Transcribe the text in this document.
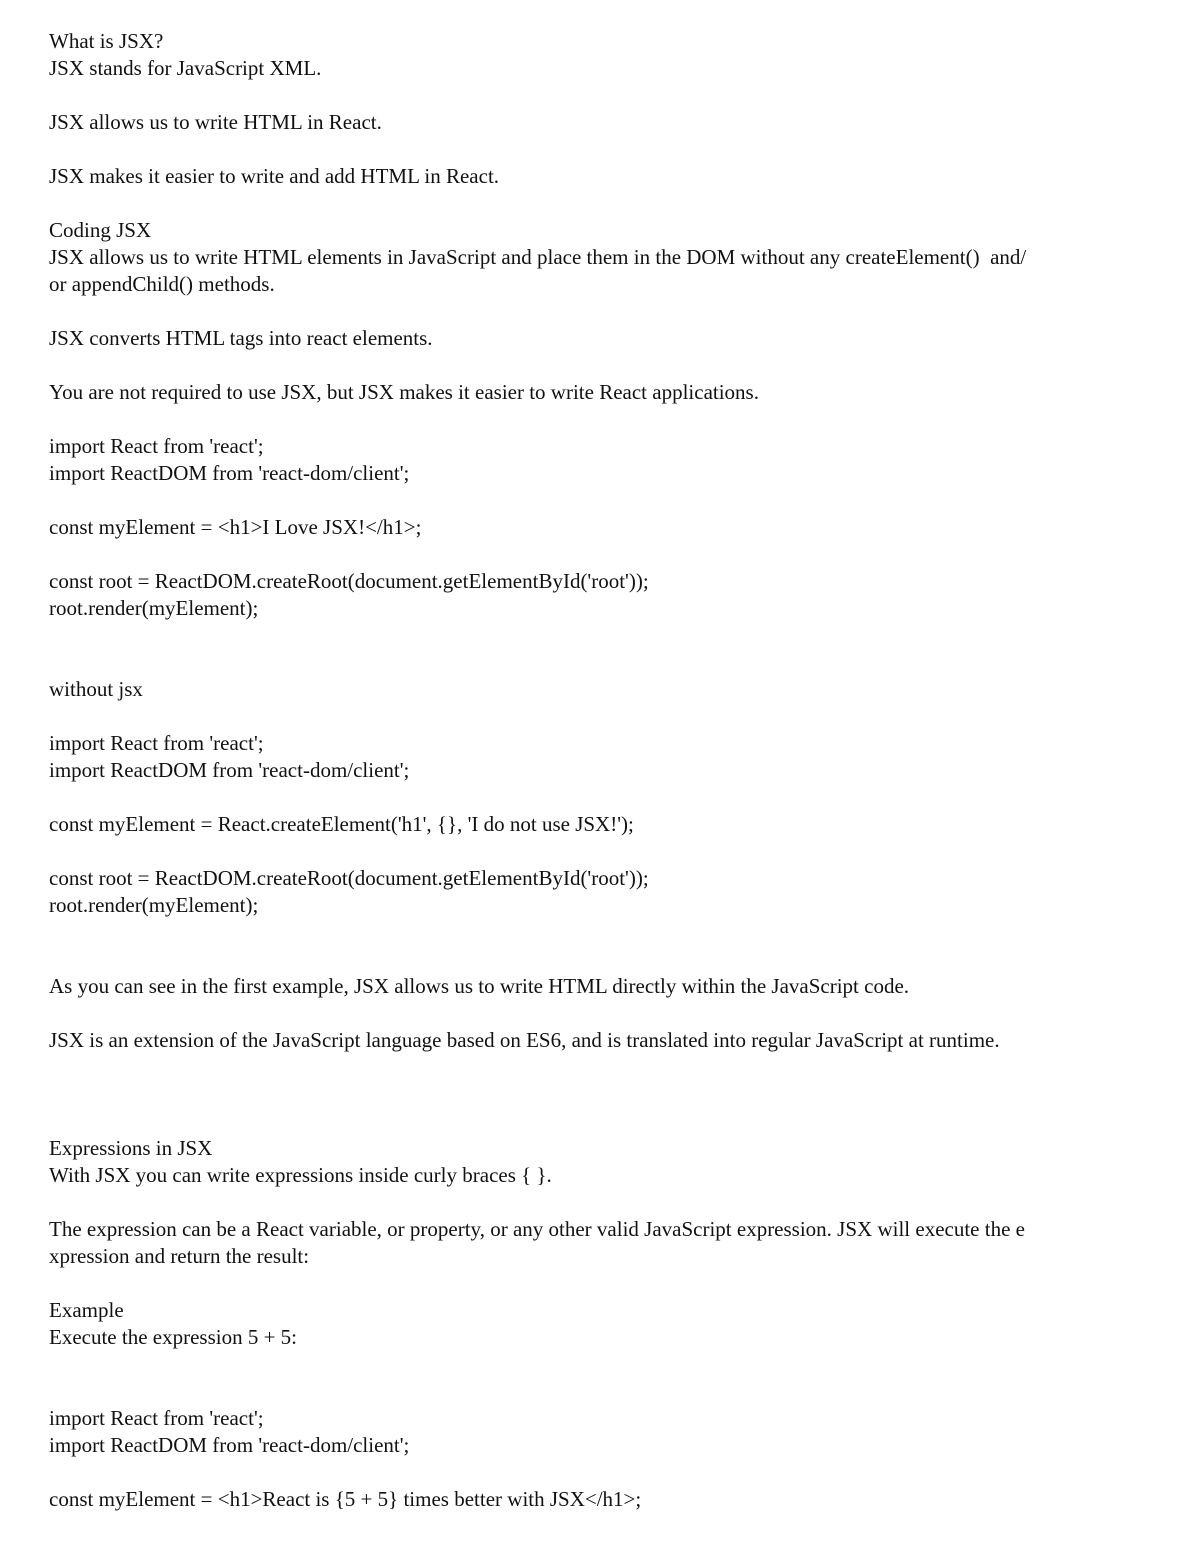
What is JSX?
JSX stands for JavaScript XML.
JSX allows us to write HTML in React.
JSX makes it easier to write and add HTML in React.
Coding JSX
JSX allows us to write HTML elements in JavaScript and place them in the DOM without any createElement()  and/
or appendChild() methods.
JSX converts HTML tags into react elements.
You are not required to use JSX, but JSX makes it easier to write React applications.
import React from 'react';
import ReactDOM from 'react-dom/client';
const myElement = <h1>I Love JSX!</h1>;
const root = ReactDOM.createRoot(document.getElementById('root'));
root.render(myElement);
without jsx
import React from 'react';
import ReactDOM from 'react-dom/client';
const myElement = React.createElement('h1', {}, 'I do not use JSX!');
const root = ReactDOM.createRoot(document.getElementById('root'));
root.render(myElement);
As you can see in the first example, JSX allows us to write HTML directly within the JavaScript code.
JSX is an extension of the JavaScript language based on ES6, and is translated into regular JavaScript at runtime.
Expressions in JSX
With JSX you can write expressions inside curly braces { }.
The expression can be a React variable, or property, or any other valid JavaScript expression. JSX will execute the e
xpression and return the result:
Example
Execute the expression 5 + 5:
import React from 'react';
import ReactDOM from 'react-dom/client';
const myElement = <h1>React is {5 + 5} times better with JSX</h1>;
